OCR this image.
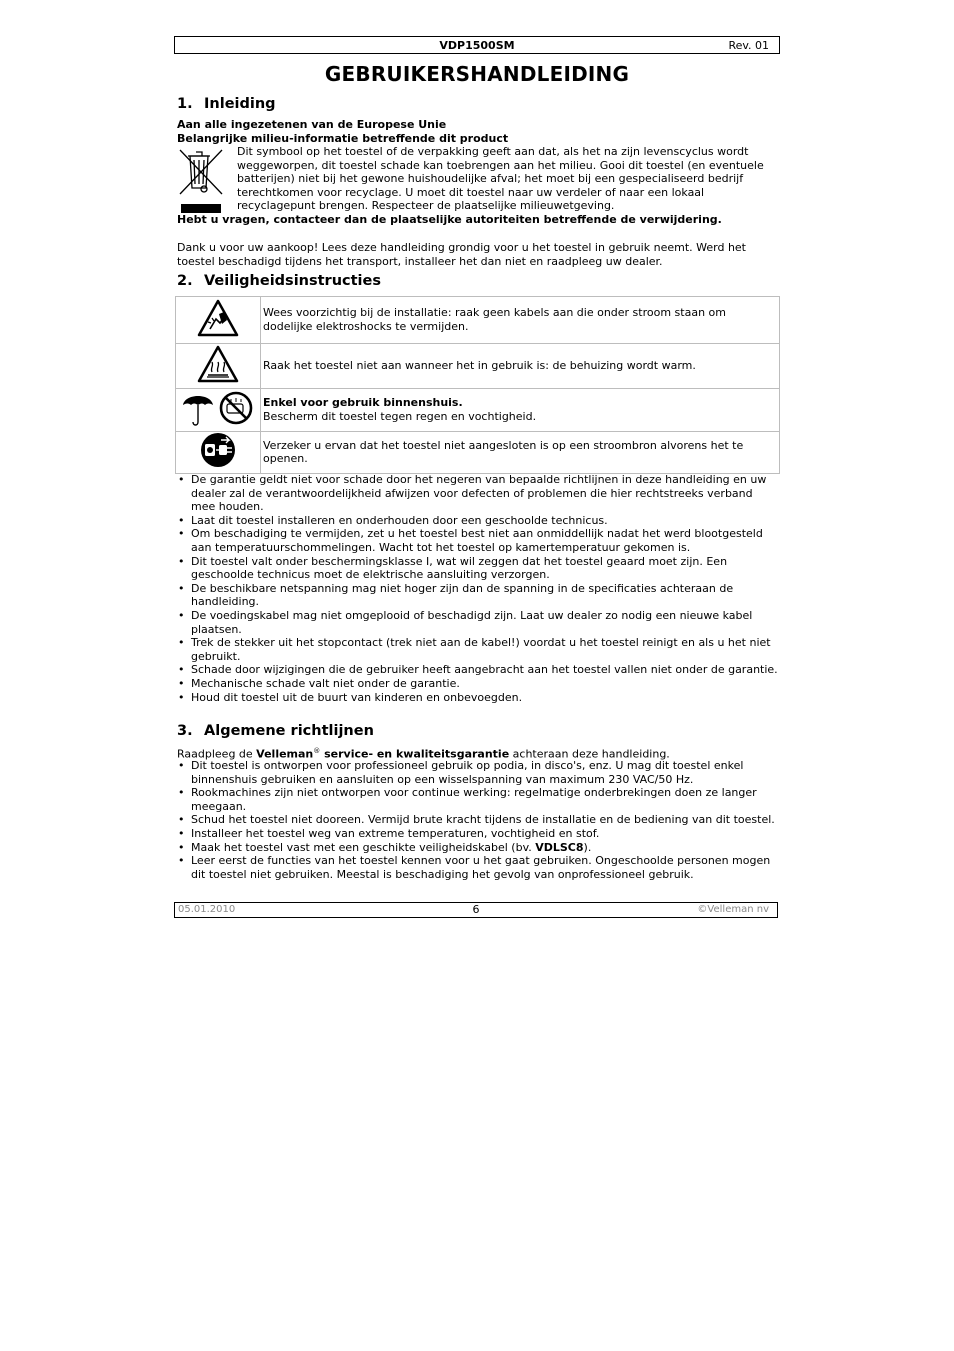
VDP1500SM	Rev. 01
GEBRUIKERSHANDLEIDING
1. Inleiding
Aan alle ingezetenen van de Europese Unie
Belangrijke milieu-informatie betreffende dit product
Dit symbool op het toestel of de verpakking geeft aan dat, als het na zijn levenscyclus wordt weggeworpen, dit toestel schade kan toebrengen aan het milieu. Gooi dit toestel (en eventuele batterijen) niet bij het gewone huishoudelijke afval; het moet bij een gespecialiseerd bedrijf terechtkomen voor recyclage. U moet dit toestel naar uw verdeler of naar een lokaal recyclagepunt brengen. Respecteer de plaatselijke milieuwetgeving.
Hebt u vragen, contacteer dan de plaatselijke autoriteiten betreffende de verwijdering.
Dank u voor uw aankoop! Lees deze handleiding grondig voor u het toestel in gebruik neemt. Werd het toestel beschadigd tijdens het transport, installeer het dan niet en raadpleeg uw dealer.
2. Veiligheidsinstructies
	Wees voorzichtig bij de installatie: raak geen kabels aan die onder stroom staan om dodelijke elektroshocks te vermijden.
	Raak het toestel niet aan wanneer het in gebruik is: de behuizing wordt warm.

Enkel voor gebruik binnenshuis.
Bescherm dit toestel tegen regen en vochtigheid.

	Verzeker u ervan dat het toestel niet aangesloten is op een stroombron alvorens het te openen.
• De garantie geldt niet voor schade door het negeren van bepaalde richtlijnen in deze handleiding en uw dealer zal de verantwoordelijkheid afwijzen voor defecten of problemen die hier rechtstreeks verband mee houden.
• Laat dit toestel installeren en onderhouden door een geschoolde technicus.
• Om beschadiging te vermijden, zet u het toestel best niet aan onmiddellijk nadat het werd blootgesteld aan temperatuurschommelingen. Wacht tot het toestel op kamertemperatuur gekomen is.
• Dit toestel valt onder beschermingsklasse I, wat wil zeggen dat het toestel geaard moet zijn. Een geschoolde technicus moet de elektrische aansluiting verzorgen.
• De beschikbare netspanning mag niet hoger zijn dan de spanning in de specificaties achteraan de handleiding.
• De voedingskabel mag niet omgeplooid of beschadigd zijn. Laat uw dealer zo nodig een nieuwe kabel plaatsen.
• Trek de stekker uit het stopcontact (trek niet aan de kabel!) voordat u het toestel reinigt en als u het niet gebruikt.
• Schade door wijzigingen die de gebruiker heeft aangebracht aan het toestel vallen niet onder de garantie.
• Mechanische schade valt niet onder de garantie.
• Houd dit toestel uit de buurt van kinderen en onbevoegden.
3. Algemene richtlijnen
Raadpleeg de Velleman® service- en kwaliteitsgarantie achteraan deze handleiding.
• Dit toestel is ontworpen voor professioneel gebruik op podia, in disco's, enz. U mag dit toestel enkel binnenshuis gebruiken en aansluiten op een wisselspanning van maximum 230 VAC/50 Hz.
• Rookmachines zijn niet ontworpen voor continue werking: regelmatige onderbrekingen doen ze langer meegaan.
• Schud het toestel niet dooreen. Vermijd brute kracht tijdens de installatie en de bediening van dit toestel.
• Installeer het toestel weg van extreme temperaturen, vochtigheid en stof.
• Maak het toestel vast met een geschikte veiligheidskabel (bv. VDLSC8).
• Leer eerst de functies van het toestel kennen voor u het gaat gebruiken. Ongeschoolde personen mogen dit toestel niet gebruiken. Meestal is beschadiging het gevolg van onprofessioneel gebruik.
05.01.2010	6	©Velleman nv
